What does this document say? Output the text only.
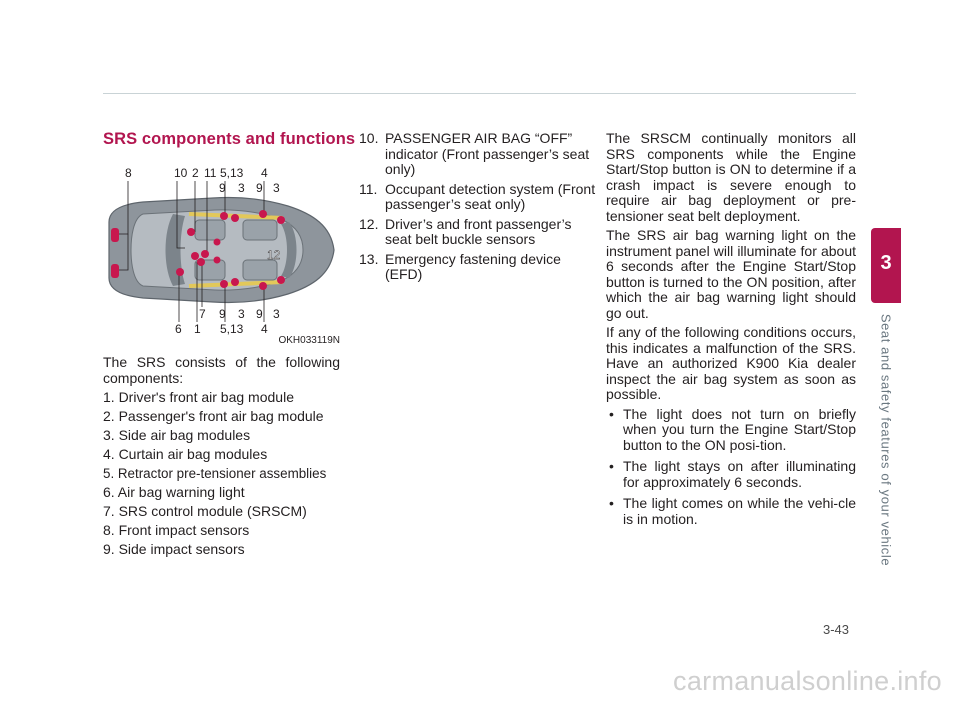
SRS components and functions
8	10 2 11 5,13 4
9 3 9 3
7 9 3 9 3
6 1 5,13 4
12
OKH033119N

The SRS consists of the following components:

1. Driver's front air bag module

2. Passenger's front air bag module

3. Side air bag modules

4. Curtain air bag modules

5. Retractor pre-tensioner assemblies

6. Air bag warning light

7. SRS control module (SRSCM)

8. Front impact sensors

9. Side impact sensors

10. PASSENGER AIR BAG “OFF” indicator (Front passenger’s seat only)
11. Occupant detection system (Front passenger’s seat only)
12. Driver’s and front passenger’s seat belt buckle sensors
13. Emergency fastening device (EFD)

The SRSCM continually monitors all SRS components while the Engine Start/Stop button is ON to determine if a crash impact is severe enough to require air bag deployment or pre-tensioner seat belt deployment.

The SRS air bag warning light on the instrument panel will illuminate for about 6 seconds after the Engine Start/Stop button is turned to the ON position, after which the air bag warning light should go out.

If any of the following conditions occurs, this indicates a malfunction of the SRS. Have an authorized K900 Kia dealer inspect the air bag system as soon as possible.

• The light does not turn on briefly when you turn the Engine Start/Stop button to the ON posi-tion.
• The light stays on after illuminating for approximately 6 seconds.
• The light comes on while the vehi-cle is in motion.
3
Seat and safety features of your vehicle
3-43
carmanualsonline.info
